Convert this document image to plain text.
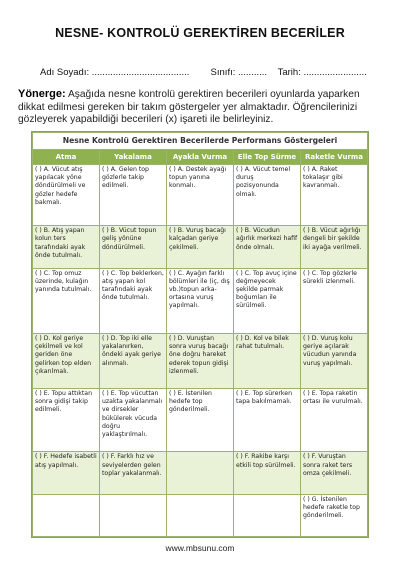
NESNE- KONTROLÜ GEREKTİREN BECERİLER
Adı Soyadı: ..................................... Sınıfı: ........... Tarih: ........................
Yönerge: Aşağıda nesne kontrolü gerektiren becerileri oyunlarda yaparken dikkat edilmesi gereken bir takım göstergeler yer almaktadır. Öğrencilerinizi gözleyerek yapabildiği becerileri (x) işareti ile belirleyiniz.
Nesne Kontrolü Gerektiren Becerilerde Performans Göstergeleri				
Atma	Yakalama	Ayakla Vurma	Elle Top Sürme	Raketle Vurma
( ) A. Vücut atış yapılacak yöne döndürülmeli ve gözler hedefe bakmalı.	( ) A. Gelen top gözlerle takip edilmeli.	( ) A. Destek ayağı topun yanına konmalı.	( ) A. Vücut temel duruş pozisyonunda olmalı.	( ) A. Raket tokalaşır gibi kavranmalı.
( ) B. Atış yapan kolun ters tarafındaki ayak önde tutulmalı.	( ) B. Vücut topun geliş yönüne döndürülmeli.	( ) B. Vuruş bacağı kalçadan geriye çekilmeli.	( ) B. Vücudun ağırlık merkezi hafif önde olmalı.	( ) B. Vücut ağırlığı dengeli bir şekilde iki ayağa verilmeli.
( ) C. Top omuz üzerinde, kulağın yanında tutulmalı.	( ) C. Top beklerken, atış yapan kol tarafındaki ayak önde tutulmalı.	( ) C. Ayağın farklı bölümleri ile (iç, dış vb.)topun arka-ortasına vuruş yapılmalı.	( ) C. Top avuç içine değmeyecek şekilde parmak boğumları ile sürülmeli.	( ) C. Top gözlerle sürekli izlenmeli.
( ) D. Kol geriye çekilmeli ve kol geriden öne gelirken top elden çıkarılmalı.	( ) D. Top iki elle yakalanırken, öndeki ayak geriye alınmalı.	( ) D. Vuruştan sonra vuruş bacağı öne doğru hareket ederek topun gidişi izlenmeli.	( ) D. Kol ve bilek rahat tutulmalı.	( ) D. Vuruş kolu geriye açılarak vücudun yanında vuruş yapılmalı.
( ) E. Topu attıktan sonra gidişi takip edilmeli.	( ) E. Top vücuttan uzakta yakalanmalı ve dirsekler bükülerek vücuda doğru yaklaştırılmalı.	( ) E. İstenilen hedefe top gönderilmeli.	( ) E. Top sürerken tapa bakılmamalı.	( ) E. Topa raketin ortası ile vurulmalı.
( ) F. Hedefe isabetli atış yapılmalı.	( ) F. Farklı hız ve seviyelerden gelen toplar yakalanmalı.		( ) F. Rakibe karşı etkili top sürülmeli.	( ) F. Vuruştan sonra raket ters omza çekilmeli.
				( ) G. İstenilen hedefe raketle top gönderilmeli.
www.mbsunu.com
